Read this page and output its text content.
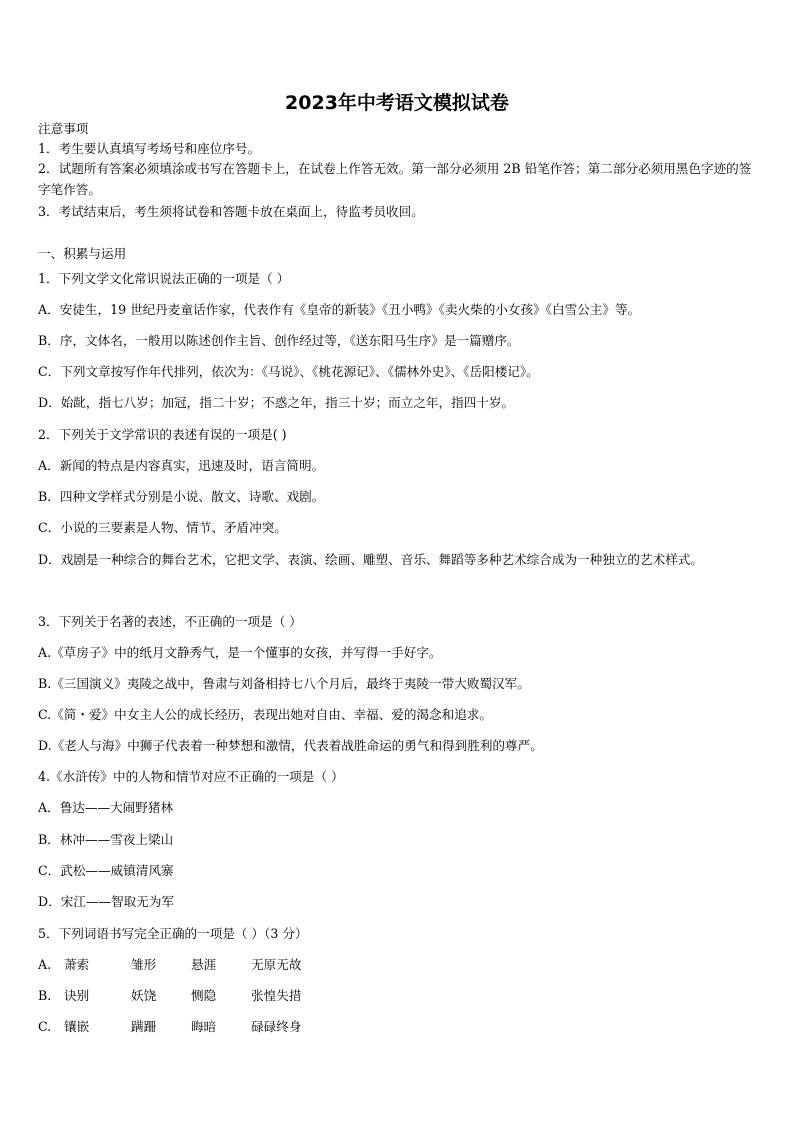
2023年中考语文模拟试卷
注意事项
1．考生要认真填写考场号和座位序号。
2．试题所有答案必须填涂或书写在答题卡上，在试卷上作答无效。第一部分必须用 2B 铅笔作答；第二部分必须用黑色字迹的签字笔作答。
3．考试结束后，考生须将试卷和答题卡放在桌面上，待监考员收回。
一、积累与运用
1．下列文学文化常识说法正确的一项是（ ）
A．安徒生，19 世纪丹麦童话作家，代表作有《皇帝的新装》《丑小鸭》《卖火柴的小女孩》《白雪公主》等。
B．序，文体名，一般用以陈述创作主旨、创作经过等，《送东阳马生序》是一篇赠序。
C．下列文章按写作年代排列，依次为：《马说》、《桃花源记》、《儒林外史》、《岳阳楼记》。
D．始龀，指七八岁；加冠，指二十岁；不惑之年，指三十岁；而立之年，指四十岁。
2．下列关于文学常识的表述有误的一项是( )
A．新闻的特点是内容真实，迅速及时，语言简明。
B．四种文学样式分别是小说、散文、诗歌、戏剧。
C．小说的三要素是人物、情节、矛盾冲突。
D．戏剧是一种综合的舞台艺术，它把文学、表演、绘画、雕塑、音乐、舞蹈等多种艺术综合成为一种独立的艺术样式。
3．下列关于名著的表述，不正确的一项是（ ）
A.《草房子》中的纸月文静秀气，是一个懂事的女孩，并写得一手好字。
B.《三国演义》夷陵之战中，鲁肃与刘备相持七八个月后，最终于夷陵一带大败蜀汉军。
C.《简・爱》中女主人公的成长经历，表现出她对自由、幸福、爱的渴念和追求。
D.《老人与海》中狮子代表着一种梦想和激情，代表着战胜命运的勇气和得到胜利的尊严。
4.《水浒传》中的人物和情节对应不正确的一项是（ ）
A．鲁达——大闹野猪林
B．林冲——雪夜上梁山
C．武松——威镇清风寨
D．宋江——智取无为军
5．下列词语书写完全正确的一项是（ ）（3 分）
A. 萧索	雏形	悬涯	无原无故
B. 诀别	妖饶	恻隐	张惶失措
C. 镶嵌	蹒跚	晦暗	碌碌终身
